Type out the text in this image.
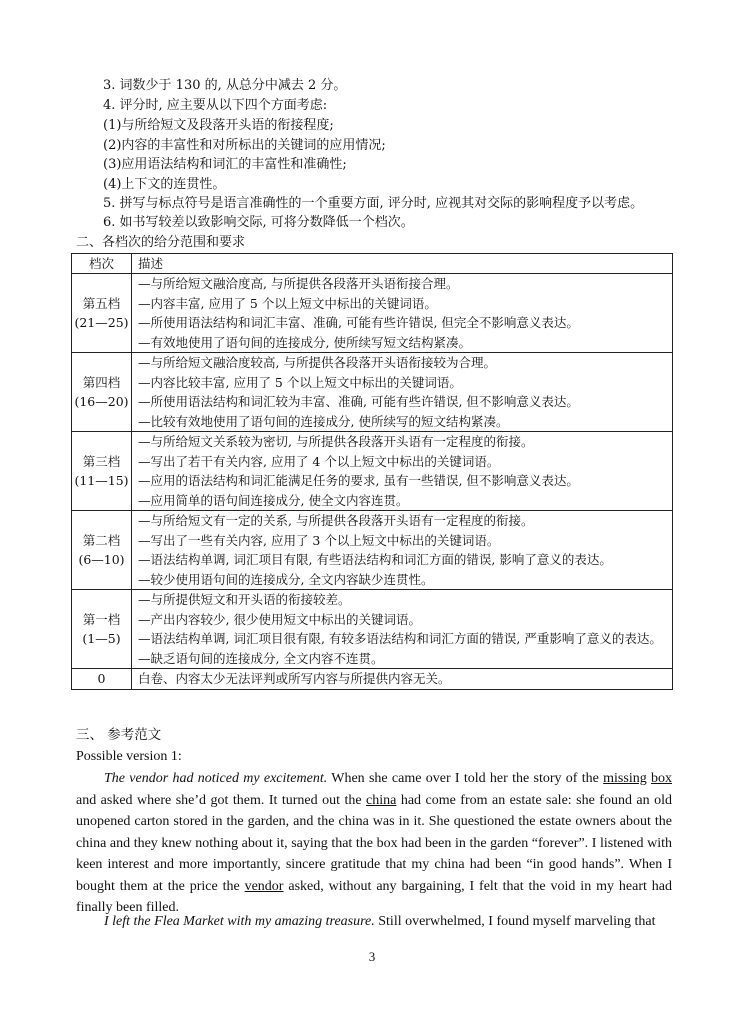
3. 词数少于 130 的, 从总分中减去 2 分。
4. 评分时, 应主要从以下四个方面考虑:
(1)与所给短文及段落开头语的衔接程度;
(2)内容的丰富性和对所标出的关键词的应用情况;
(3)应用语法结构和词汇的丰富性和准确性;
(4)上下文的连贯性。
5. 拼写与标点符号是语言准确性的一个重要方面, 评分时, 应视其对交际的影响程度予以考虑。
6. 如书写较差以致影响交际, 可将分数降低一个档次。
二、各档次的给分范围和要求
档次	描述

第五档
(21—25)	—与所给短文融洽度高, 与所提供各段落开头语衔接合理。
—内容丰富, 应用了 5 个以上短文中标出的关键词语。
—所使用语法结构和词汇丰富、准确, 可能有些许错误, 但完全不影响意义表达。
—有效地使用了语句间的连接成分, 使所续写短文结构紧凑。

第四档
(16—20)	—与所给短文融洽度较高, 与所提供各段落开头语衔接较为合理。
—内容比较丰富, 应用了 5 个以上短文中标出的关键词语。
—所使用语法结构和词汇较为丰富、准确, 可能有些许错误, 但不影响意义表达。
—比较有效地使用了语句间的连接成分, 使所续写的短文结构紧凑。

第三档
(11—15)	—与所给短文关系较为密切, 与所提供各段落开头语有一定程度的衔接。
—写出了若干有关内容, 应用了 4 个以上短文中标出的关键词语。
—应用的语法结构和词汇能满足任务的要求, 虽有一些错误, 但不影响意义表达。
—应用简单的语句间连接成分, 使全文内容连贯。

第二档
(6—10)	—与所给短文有一定的关系, 与所提供各段落开头语有一定程度的衔接。
—写出了一些有关内容, 应用了 3 个以上短文中标出的关键词语。
—语法结构单调, 词汇项目有限, 有些语法结构和词汇方面的错误, 影响了意义的表达。
—较少使用语句间的连接成分, 全文内容缺少连贯性。

第一档
(1—5)	—与所提供短文和开头语的衔接较差。
—产出内容较少, 很少使用短文中标出的关键词语。
—语法结构单调, 词汇项目很有限, 有较多语法结构和词汇方面的错误, 严重影响了意义的表达。
—缺乏语句间的连接成分, 全文内容不连贯。

0	白卷、内容太少无法评判或所写内容与所提供内容无关。
三、 参考范文
Possible version 1:
The vendor had noticed my excitement. When she came over I told her the story of the missing box and asked where she’d got them. It turned out the china had come from an estate sale: she found an old unopened carton stored in the garden, and the china was in it. She questioned the estate owners about the china and they knew nothing about it, saying that the box had been in the garden “forever”. I listened with keen interest and more importantly, sincere gratitude that my china had been “in good hands”. When I bought them at the price the vendor asked, without any bargaining, I felt that the void in my heart had finally been filled.
I left the Flea Market with my amazing treasure. Still overwhelmed, I found myself marveling that
3
